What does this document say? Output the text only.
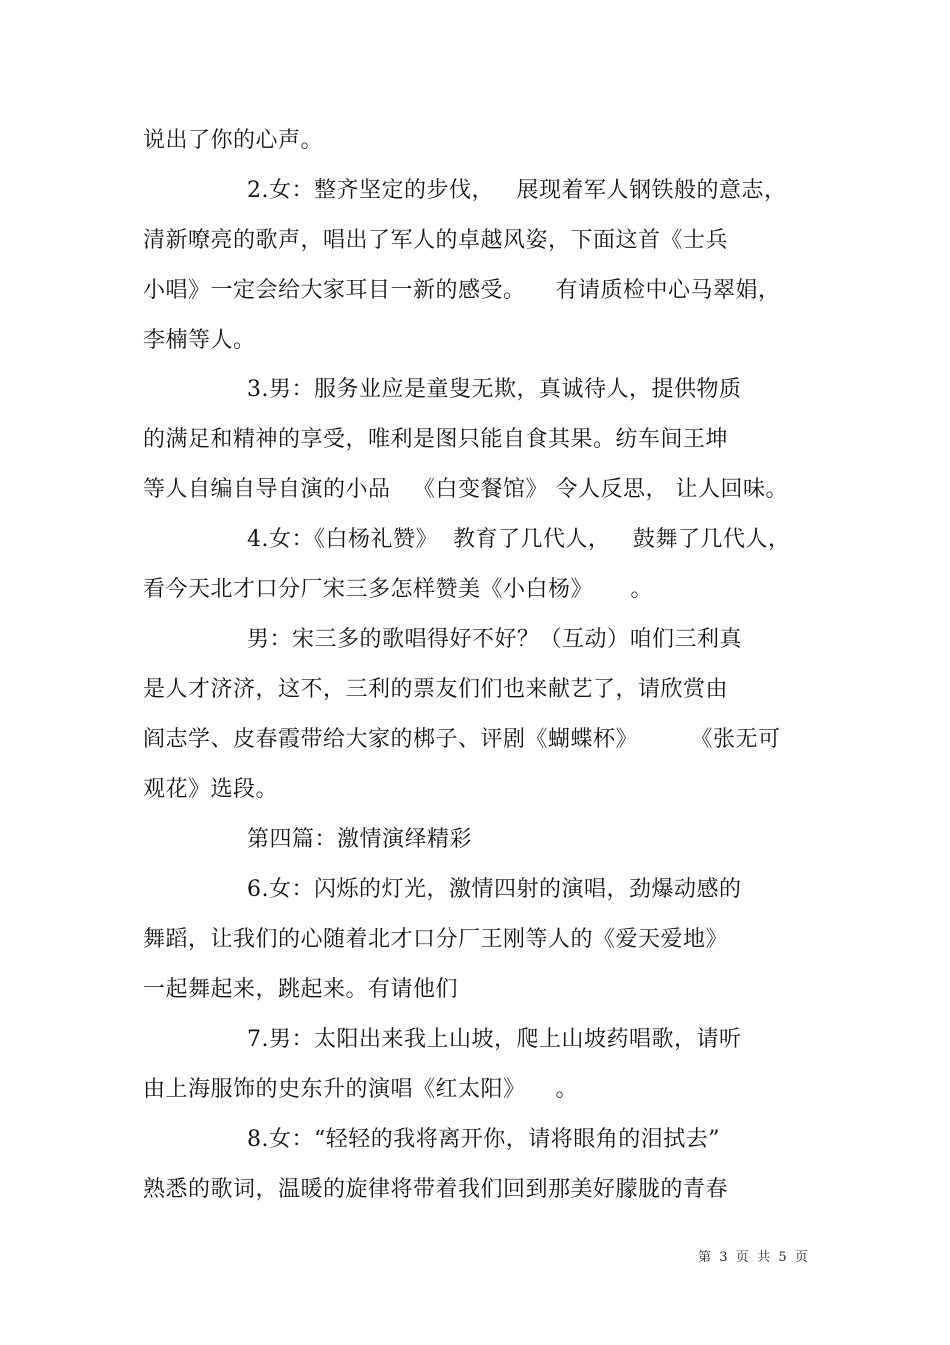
说出了你的心声。
2.女：整齐坚定的步伐，   展现着军人钢铁般的意志，
清新嘹亮的歌声，唱出了军人的卓越风姿，下面这首《士兵
小唱》一定会给大家耳目一新的感受。    有请质检中心马翠娟，
李楠等人。
3.男：服务业应是童叟无欺，真诚待人，提供物质
的满足和精神的享受，唯利是图只能自食其果。纺车间王坤
等人自编自导自演的小品   《白变餐馆》 令人反思， 让人回味。
4.女：《白杨礼赞》  教育了几代人，   鼓舞了几代人，
看今天北才口分厂宋三多怎样赞美《小白杨》     。
男：宋三多的歌唱得好不好？（互动）咱们三利真
是人才济济，这不，三利的票友们们也来献艺了，请欣赏由
阎志学、皮春霞带给大家的梆子、评剧《蝴蝶杯》       《张无可
观花》选段。
第四篇：激情演绎精彩
6.女：闪烁的灯光，激情四射的演唱，劲爆动感的
舞蹈，让我们的心随着北才口分厂王刚等人的《爱天爱地》
一起舞起来，跳起来。有请他们
7.男：太阳出来我上山坡，爬上山坡药唱歌，请听
由上海服饰的史东升的演唱《红太阳》    。
8.女：“轻轻的我将离开你，请将眼角的泪拭去”
熟悉的歌词，温暖的旋律将带着我们回到那美好朦胧的青春
第  3  页  共  5  页
